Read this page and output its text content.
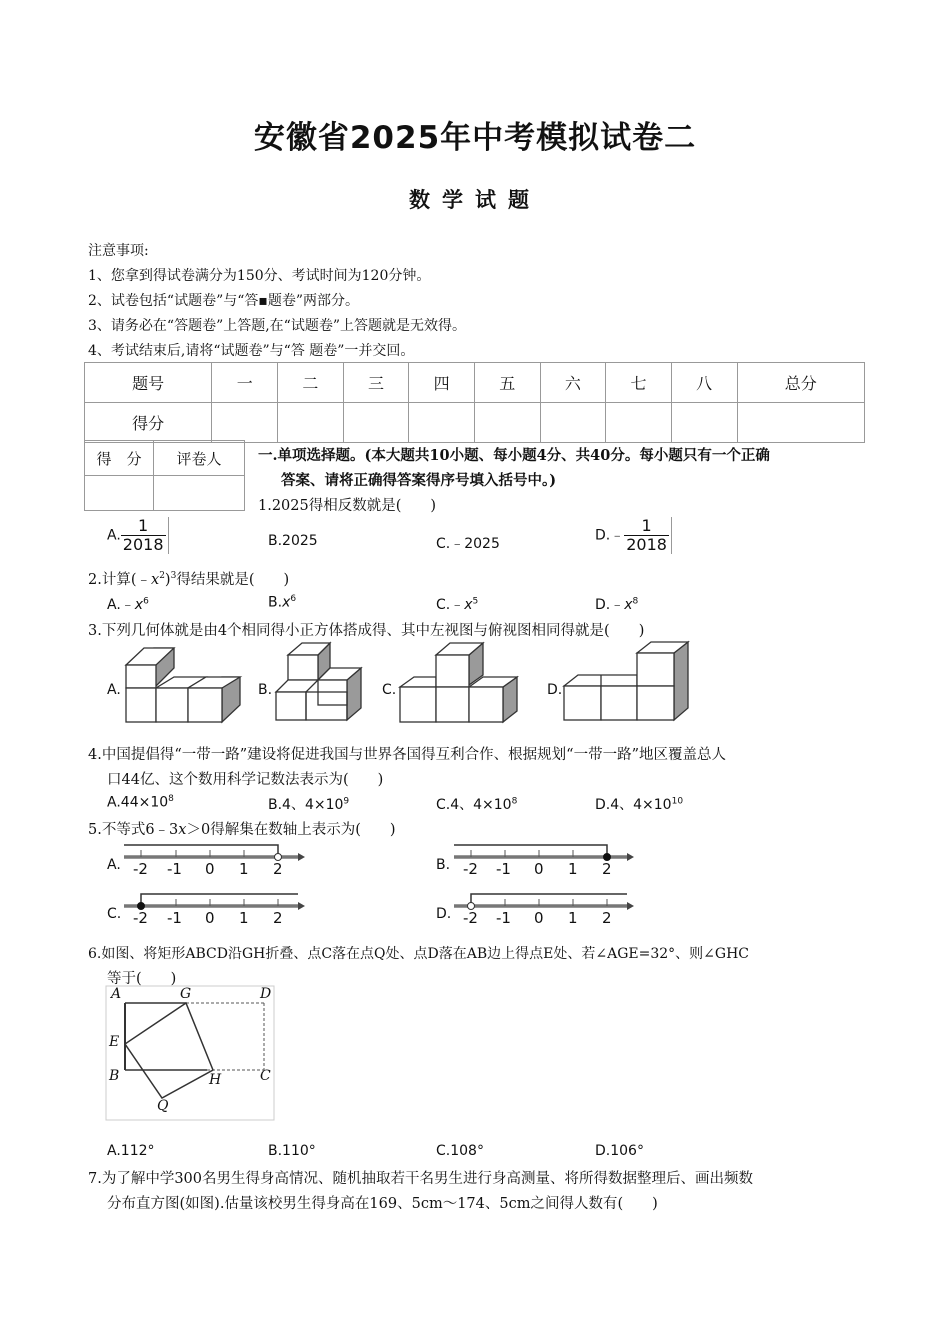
安徽省2025年中考模拟试卷二
数学试题
注意事项:
1、您拿到得试卷满分为150分、考试时间为120分钟。
2、试卷包括“试题卷”与“答▪题卷”两部分。
3、请务必在“答题卷”上答题,在“试题卷”上答题就是无效得。
4、考试结束后,请将“试题卷”与“答 题卷”一并交回。
题号	一	二	三	四	五	六	七	八	总分
得分									
得　分	评卷人
		一.单项选择题。(本大题共10小题、每小题4分、共40分。每小题只有一个正确
答案、请将正确得答案得序号填入括号中。)
1.2025得相反数就是(　　)
A. $\frac{1}{2018}$	B.2025	C.﹣2025
D.﹣ $\frac{1}{2018}$
2.计算$(﹣x^2)^3$得结果就是(　　)
$A.﹣x^6$	$B.x^6$	$C.﹣x^5$	$D.﹣x^8$
3.下列几何体就是由4个相同得小正方体搭成得、其中左视图与俯视图相同得就是(　　)
A.	B.	C.	D.
4.中国提倡得“一带一路”建设将促进我国与世界各国得互利合作、根据规划“一带一路”地区覆盖总人
口44亿、这个数用科学记数法表示为(　　)
$A.44\times 10^8$	B.4、$4\times 10^9$	C.4、$4\times 10^8$	D.4、$4\times 10^{10}$
5.不等式6﹣3x＞0得解集在数轴上表示为(　　)
A.	B.
C.	D.
-2 -1 0 1 2	-2 -1 0 1 2
-2 -1 0 1 2	-2 -1 0 1 2
6.如图、将矩形ABCD沿GH折叠、点C落在点Q处、点D落在AB边上得点E处、若∠AGE=32°、则∠GHC
等于(　　)
A	G	D
E
B	H	C
Q
A.112°	B.110°	C.108°	D.106°
7.为了解中学300名男生得身高情况、随机抽取若干名男生进行身高测量、将所得数据整理后、画出频数
分布直方图(如图).估量该校男生得身高在169、5cm～174、5cm之间得人数有(　　)
